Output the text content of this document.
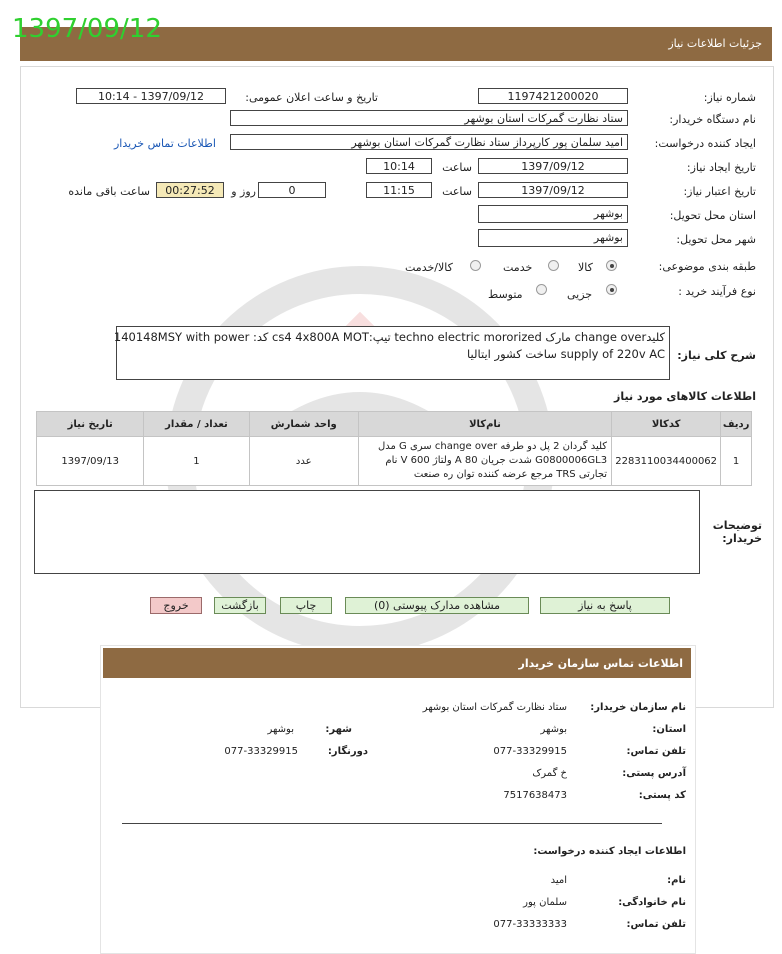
جزئیات اطلاعات نیاز
1397/09/12
شماره نیاز:
1197421200020
تاریخ و ساعت اعلان عمومی:
1397/09/12 - 10:14
نام دستگاه خریدار:
ستاد نظارت گمرکات استان بوشهر
ایجاد کننده درخواست:
امید سلمان پور کارپرداز ستاد نظارت گمرکات استان بوشهر
اطلاعات تماس خریدار
تاریخ ایجاد نیاز:
1397/09/12
ساعت
10:14
تاریخ اعتبار نیاز:
1397/09/12
ساعت
11:15
0
روز و
00:27:52
ساعت باقی مانده
استان محل تحویل:
بوشهر
شهر محل تحویل:
بوشهر
طبقه بندی موضوعی:
کالا
خدمت
کالا/خدمت
نوع فرآیند خرید :
جزیی
متوسط
شرح کلی نیاز:
کلیدchange over مارک techno electric mororized تیپ:cs4 4x800A MOT کد: 140148MSY with power
supply of 220v AC ساخت کشور ایتالیا
اطلاعات کالاهای مورد نیاز
ردیف	کدکالا	نام‌کالا	واحد شمارش	تعداد / مقدار	تاریخ نیاز
1	2283110034400062	کلید گردان 2 پل دو طرفه change over سری G مدل G0800006GL3 شدت جریان 80 A ولتاژ 600 V نام تجارتی TRS مرجع عرضه کننده توان ره صنعت	عدد	1	1397/09/13
توضیحات خریدار:
پاسخ به نیاز
مشاهده مدارک پیوستی (0)
چاپ
بازگشت
خروج
اطلاعات تماس سازمان خریدار
نام سازمان خریدار:
ستاد نظارت گمرکات استان بوشهر
استان:
بوشهر
شهر:
بوشهر
تلفن تماس:
077-33329915
دورنگار:
077-33329915
آدرس پستی:
خ گمرک
کد پستی:
7517638473
اطلاعات ایجاد کننده درخواست:
نام:
امید
نام خانوادگی:
سلمان پور
تلفن تماس:
077-33333333
